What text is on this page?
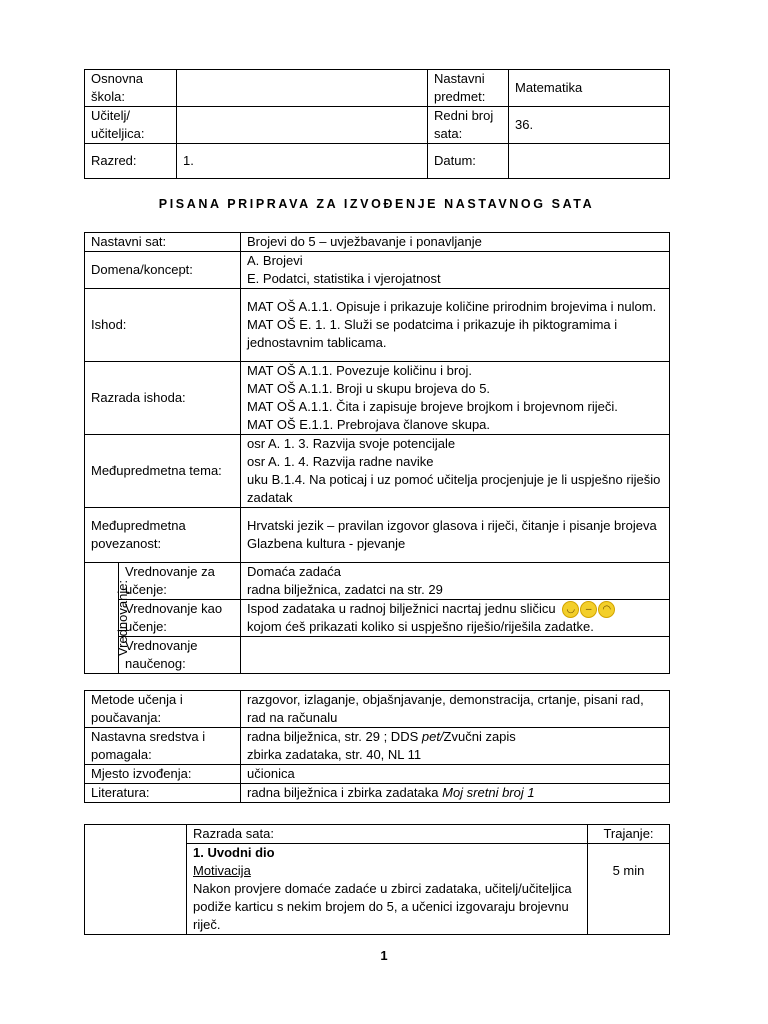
Osnovna škola:		Nastavni predmet:	Matematika
Učitelj/ učiteljica:		Redni broj sata:	36.
Razred:	1.	Datum:	
PISANA PRIPRAVA ZA IZVOĐENJE NASTAVNOG SATA
Nastavni sat:		Brojevi do 5 – uvježbavanje i ponavljanje
Domena/koncept:		A. Brojevi
E. Podatci, statistika i vjerojatnost

Ishod:		MAT OŠ A.1.1. Opisuje i prikazuje količine prirodnim brojevima i nulom.
MAT OŠ E. 1. 1. Služi se podatcima i prikazuje ih piktogramima i jednostavnim tablicama.

Razrada ishoda:		MAT OŠ A.1.1. Povezuje količinu i broj.
MAT OŠ A.1.1. Broji u skupu brojeva do 5.
MAT OŠ A.1.1. Čita i zapisuje brojeve brojkom i brojevnom riječi.
MAT OŠ E.1.1. Prebrojava članove skupa.

Međupredmetna tema:		osr A. 1. 3. Razvija svoje potencijale
osr A. 1. 4. Razvija radne navike
uku B.1.4. Na poticaj i uz pomoć učitelja procjenjuje je li uspješno riješio zadatak

Međupredmetna povezanost:		Hrvatski jezik – pravilan izgovor glasova i riječi, čitanje i pisanje brojeva
Glazbena kultura - pjevanje

Vrednovanje:	Vrednovanje za učenje:	Domaća zadaća
radna bilježnica, zadatci na str. 29

	Vrednovanje kao učenje:	Ispod zadataka u radnoj bilježnici nacrtaj jednu sličicu ◡ – ◠
kojom ćeš prikazati koliko si uspješno riješio/riješila zadatke.

	Vrednovanje naučenog:	
Metode učenja i poučavanja:	razgovor, izlaganje, objašnjavanje, demonstracija, crtanje, pisani rad, rad na računalu
Nastavna sredstva i pomagala:	radna bilježnica, str. 29 ; DDS pet/Zvučni zapis
zbirka zadataka, str. 40, NL 11

Mjesto izvođenja:	učionica
Literatura:	radna bilježnica i zbirka zadataka Moj sretni broj 1
	Razrada sata:	Trajanje:

	1. Uvodni dio
Motivacija
Nakon provjere domaće zadaće u zbirci zadataka, učitelj/učiteljica podiže karticu s nekim brojem do 5, a učenici izgovaraju brojevnu riječ.	5 min
1
